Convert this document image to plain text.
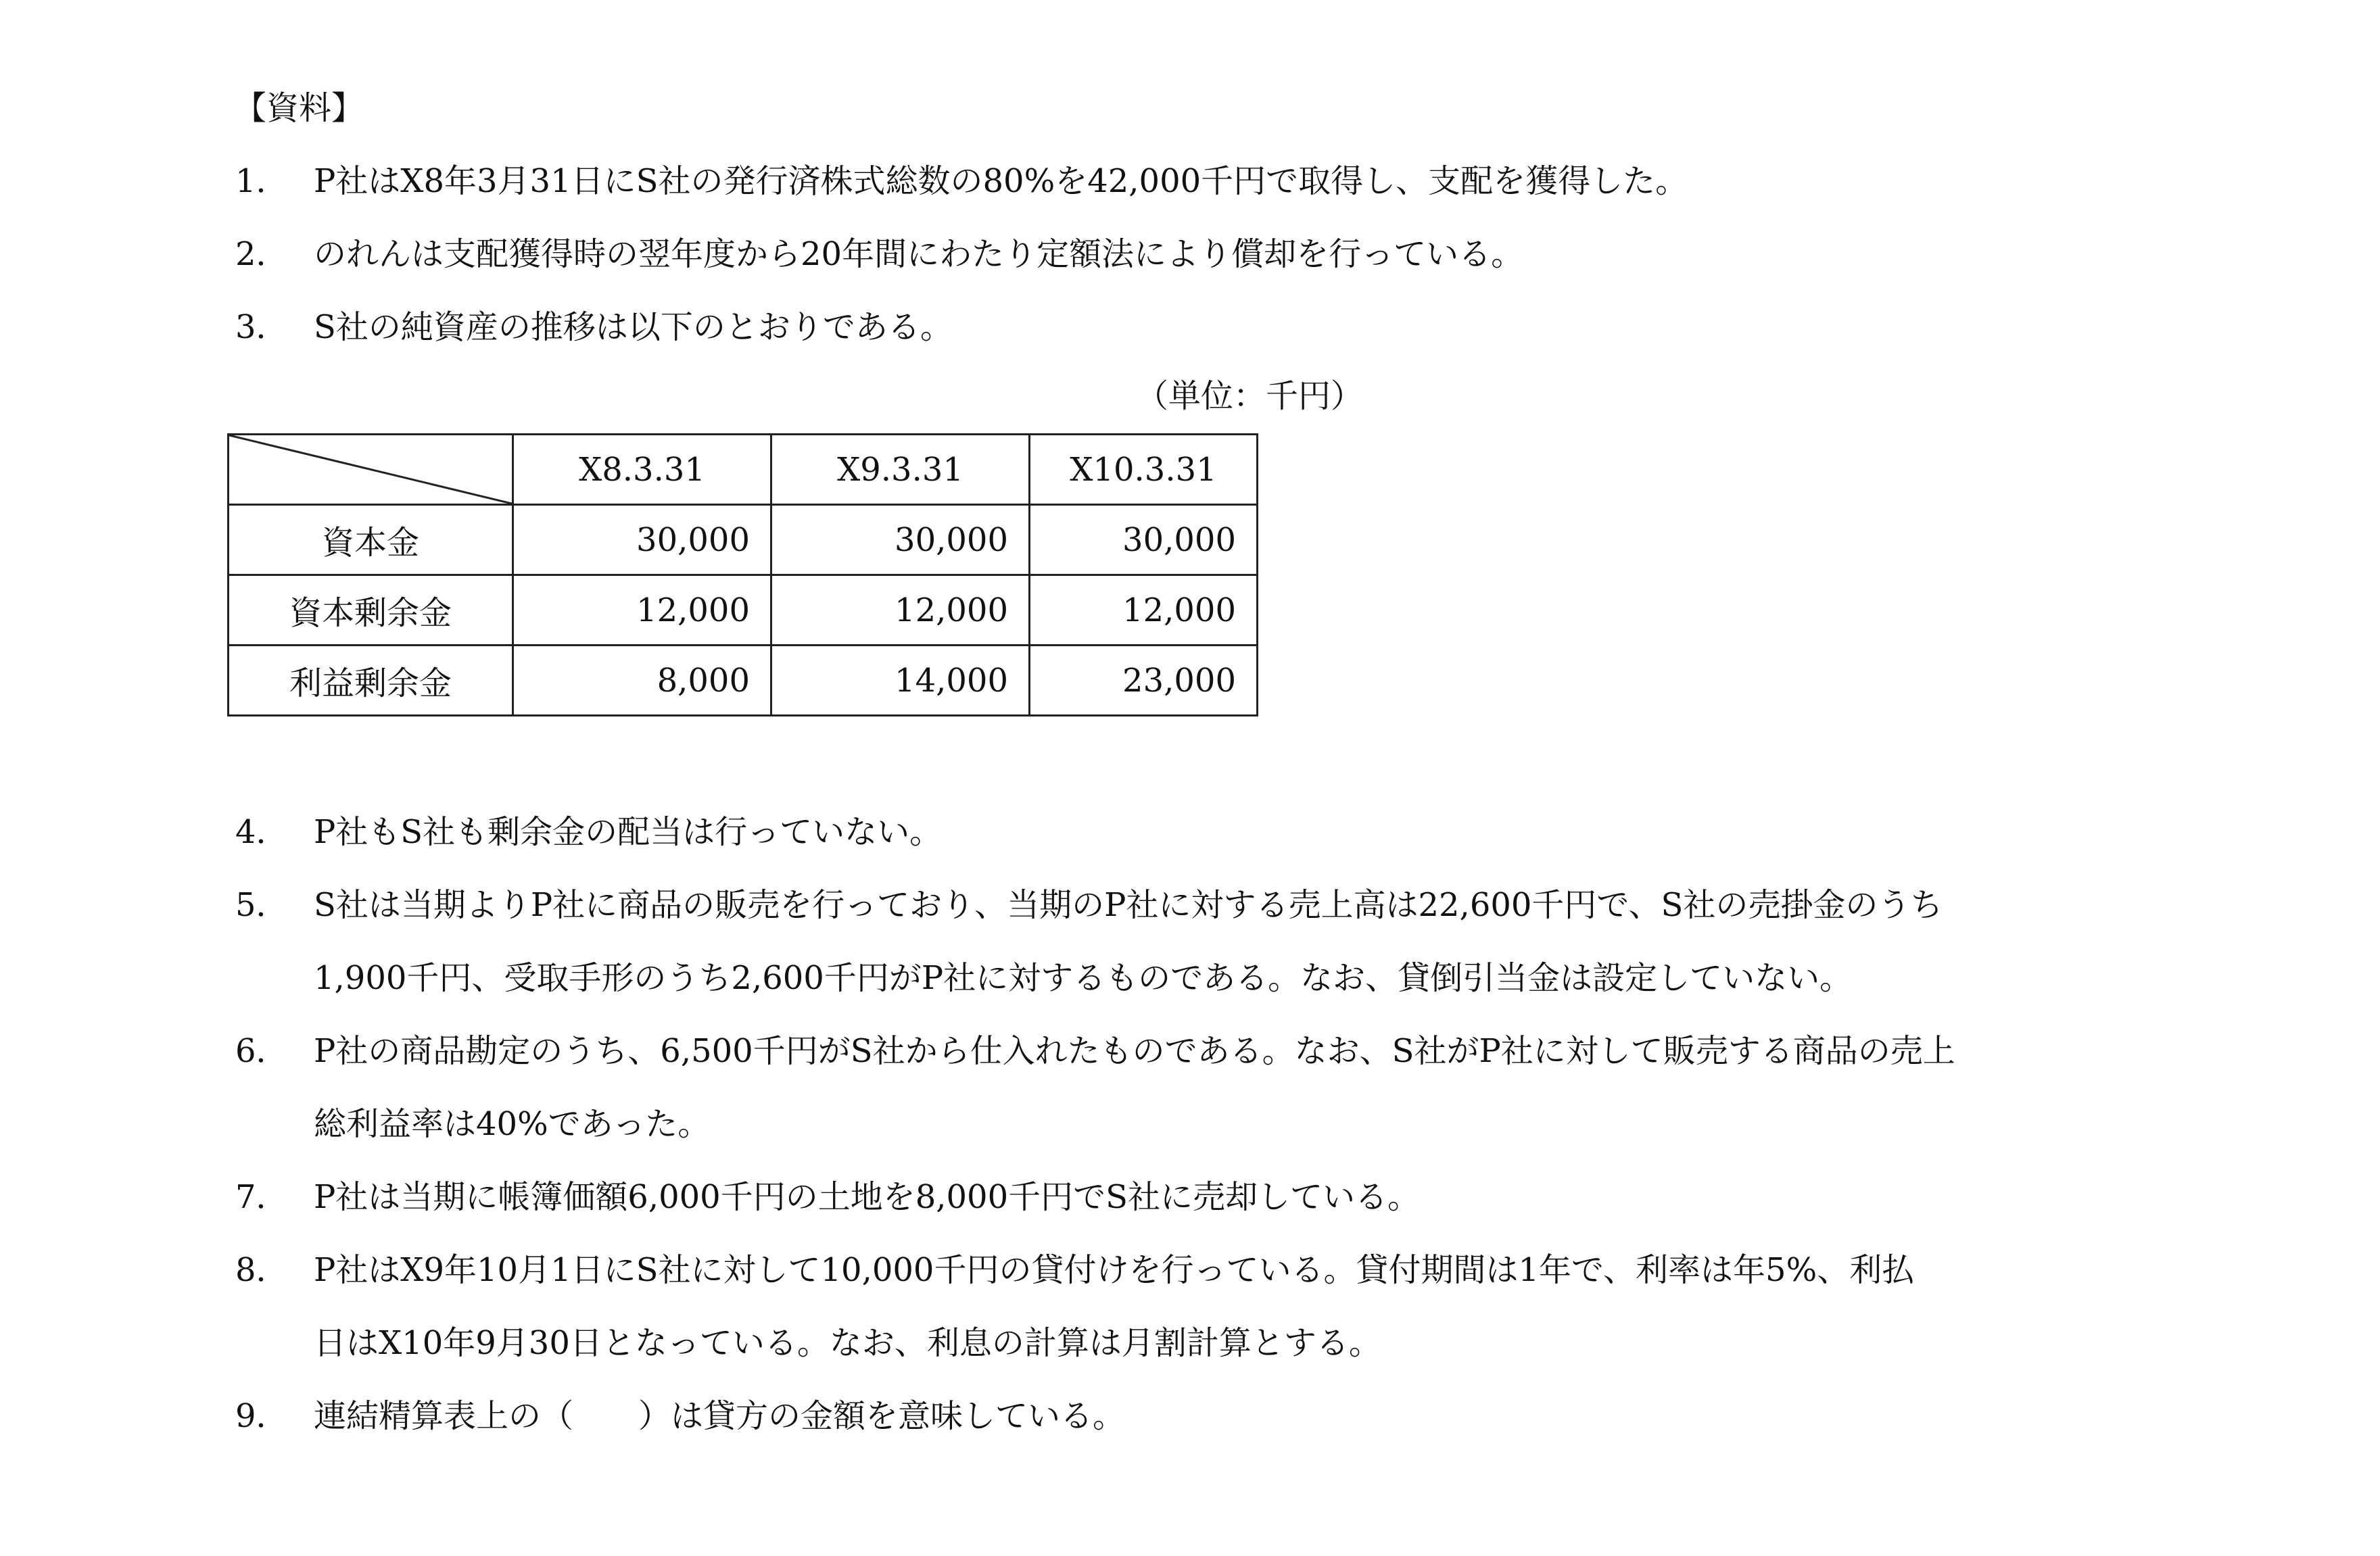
【資料】
1． P社はX8年3月31日にS社の発行済株式総数の80%を42,000千円で取得し、支配を獲得した。
2． のれんは支配獲得時の翌年度から20年間にわたり定額法により償却を行っている。
3． S社の純資産の推移は以下のとおりである。
（単位：千円）
	X8.3.31	X9.3.31	X10.3.31
資本金	30,000	30,000	30,000
資本剰余金	12,000	12,000	12,000
利益剰余金	8,000	14,000	23,000
4． P社もS社も剰余金の配当は行っていない。
5． S社は当期よりP社に商品の販売を行っており、当期のP社に対する売上高は22,600千円で、S社の売掛金のうち
1,900千円、受取手形のうち2,600千円がP社に対するものである。なお、貸倒引当金は設定していない。
6． P社の商品勘定のうち、6,500千円がS社から仕入れたものである。なお、S社がP社に対して販売する商品の売上
総利益率は40%であった。
7． P社は当期に帳簿価額6,000千円の土地を8,000千円でS社に売却している。
8． P社はX9年10月1日にS社に対して10,000千円の貸付けを行っている。貸付期間は1年で、利率は年5%、利払
日はX10年9月30日となっている。なお、利息の計算は月割計算とする。
9． 連結精算表上の（　　）は貸方の金額を意味している。
